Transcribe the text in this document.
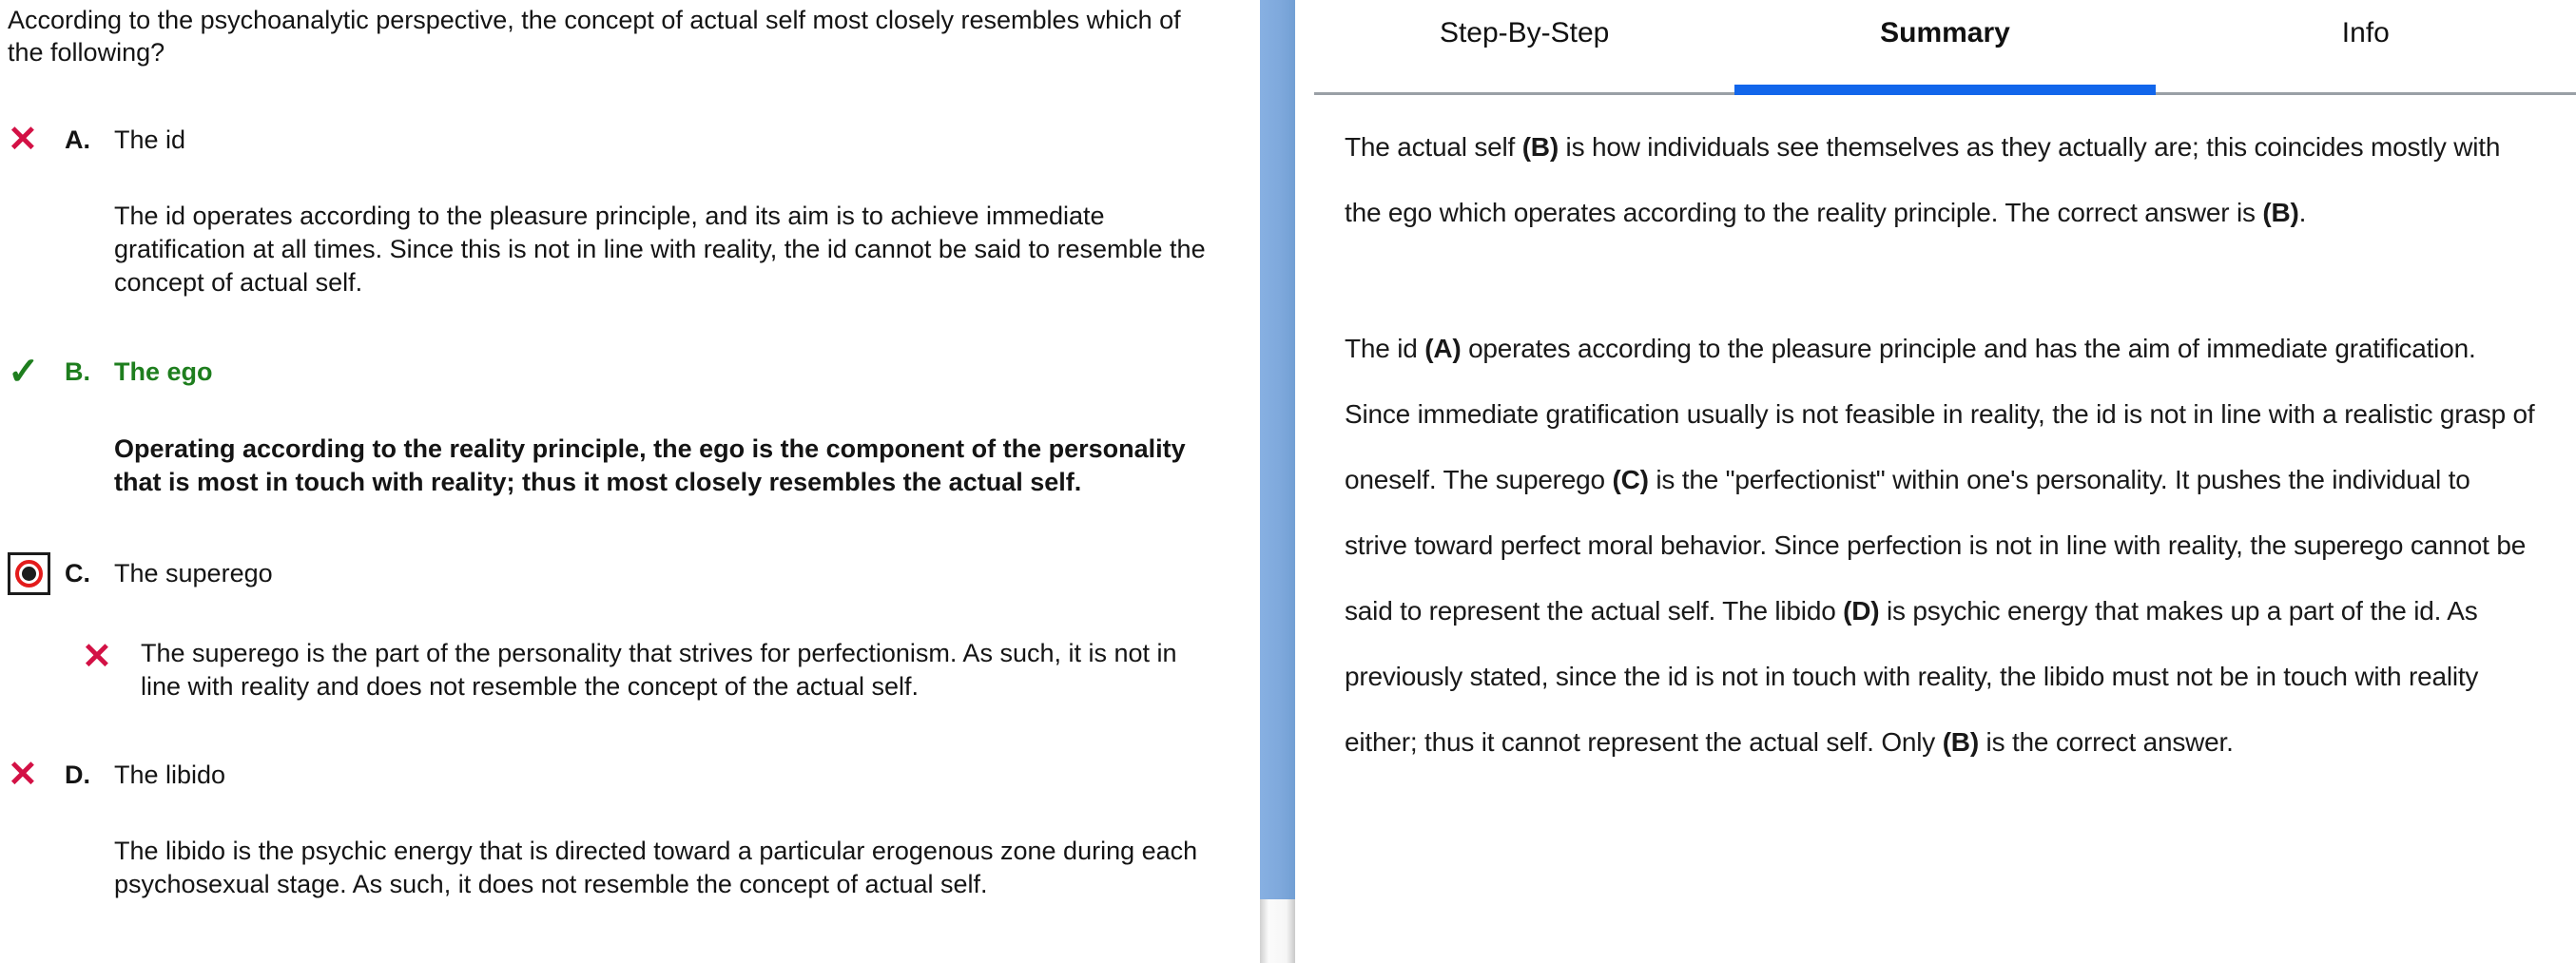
According to the psychoanalytic perspective, the concept of actual self most closely resembles which of the following?

✕ A. The id

The id operates according to the pleasure principle, and its aim is to achieve immediate gratification at all times. Since this is not in line with reality, the id cannot be said to resemble the concept of actual self.

✓ B. The ego

Operating according to the reality principle, the ego is the component of the personality that is most in touch with reality; thus it most closely resembles the actual self.

C. The superego
✕	The superego is the part of the personality that strives for perfectionism. As such, it is not in line with reality and does not resemble the concept of the actual self.

✕ D. The libido

The libido is the psychic energy that is directed toward a particular erogenous zone during each psychosexual stage. As such, it does not resemble the concept of actual self.

Step-By-Step	Summary	Info

The actual self (B) is how individuals see themselves as they actually are; this coincides mostly with the ego which operates according to the reality principle. The correct answer is (B).

The id (A) operates according to the pleasure principle and has the aim of immediate gratification. Since immediate gratification usually is not feasible in reality, the id is not in line with a realistic grasp of oneself. The superego (C) is the "perfectionist" within one's personality. It pushes the individual to strive toward perfect moral behavior. Since perfection is not in line with reality, the superego cannot be said to represent the actual self. The libido (D) is psychic energy that makes up a part of the id. As previously stated, since the id is not in touch with reality, the libido must not be in touch with reality either; thus it cannot represent the actual self. Only (B) is the correct answer.
